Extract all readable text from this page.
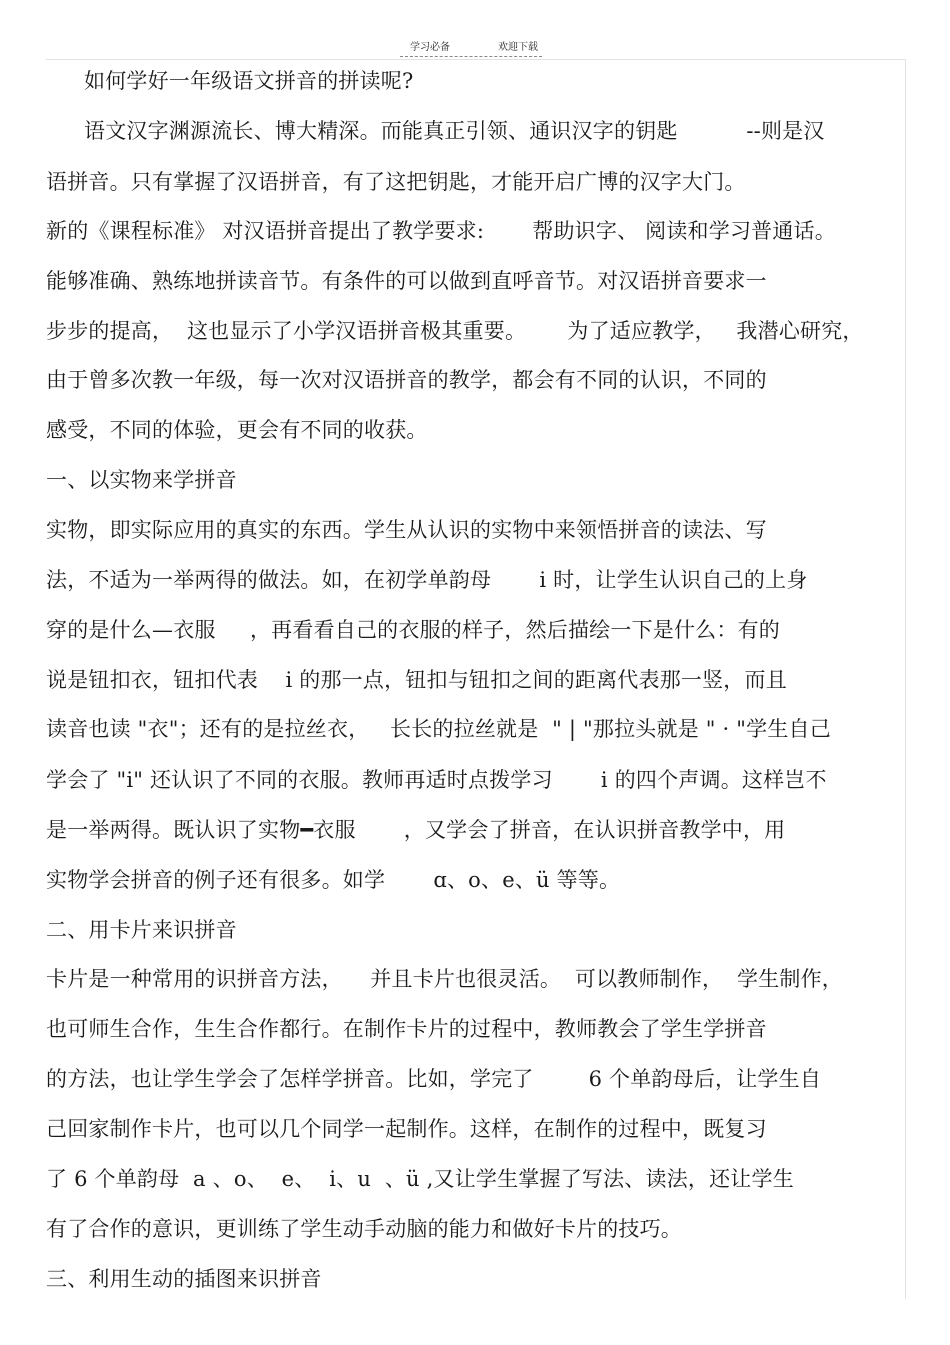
学习必备	欢迎下载
如何学好一年级语文拼音的拼读呢?
语文汉字渊源流长、博大精深。而能真正引领、通识汉字的钥匙          --则是汉
语拼音。只有掌握了汉语拼音，有了这把钥匙，才能开启广博的汉字大门。
新的《课程标准》 对汉语拼音提出了教学要求:       帮助识字、 阅读和学习普通话。
能够准确、熟练地拼读音节。有条件的可以做到直呼音节。对汉语拼音要求一
步步的提高，  这也显示了小学汉语拼音极其重要。      为了适应教学，   我潜心研究，
由于曾多次教一年级，每一次对汉语拼音的教学，都会有不同的认识，不同的
感受，不同的体验，更会有不同的收获。
一、以实物来学拼音
实物，即实际应用的真实的东西。学生从认识的实物中来领悟拼音的读法、写
法，不适为一举两得的做法。如，在初学单韵母       i 时，让学生认识自己的上身
穿的是什么—衣服     ，再看看自己的衣服的样子，然后描绘一下是什么：有的
说是钮扣衣，钮扣代表    i 的那一点，钮扣与钮扣之间的距离代表那一竖，而且
读音也读 "衣"；还有的是拉丝衣，   长长的拉丝就是  " | "那拉头就是 " · "学生自己
学会了 "i" 还认识了不同的衣服。教师再适时点拨学习       i 的四个声调。这样岂不
是一举两得。既认识了实物━衣服       ，又学会了拼音，在认识拼音教学中，用
实物学会拼音的例子还有很多。如学       ɑ、o、e、ü 等等。
二、用卡片来识拼音
卡片是一种常用的识拼音方法，    并且卡片也很灵活。  可以教师制作，  学生制作，
也可师生合作，生生合作都行。在制作卡片的过程中，教师教会了学生学拼音
的方法，也让学生学会了怎样学拼音。比如，学完了        6 个单韵母后，让学生自
己回家制作卡片，也可以几个同学一起制作。这样，在制作的过程中，既复习
了 6 个单韵母  a 、o、  e、  i、u  、ü ,又让学生掌握了写法、读法，还让学生
有了合作的意识，更训练了学生动手动脑的能力和做好卡片的技巧。
三、利用生动的插图来识拼音
